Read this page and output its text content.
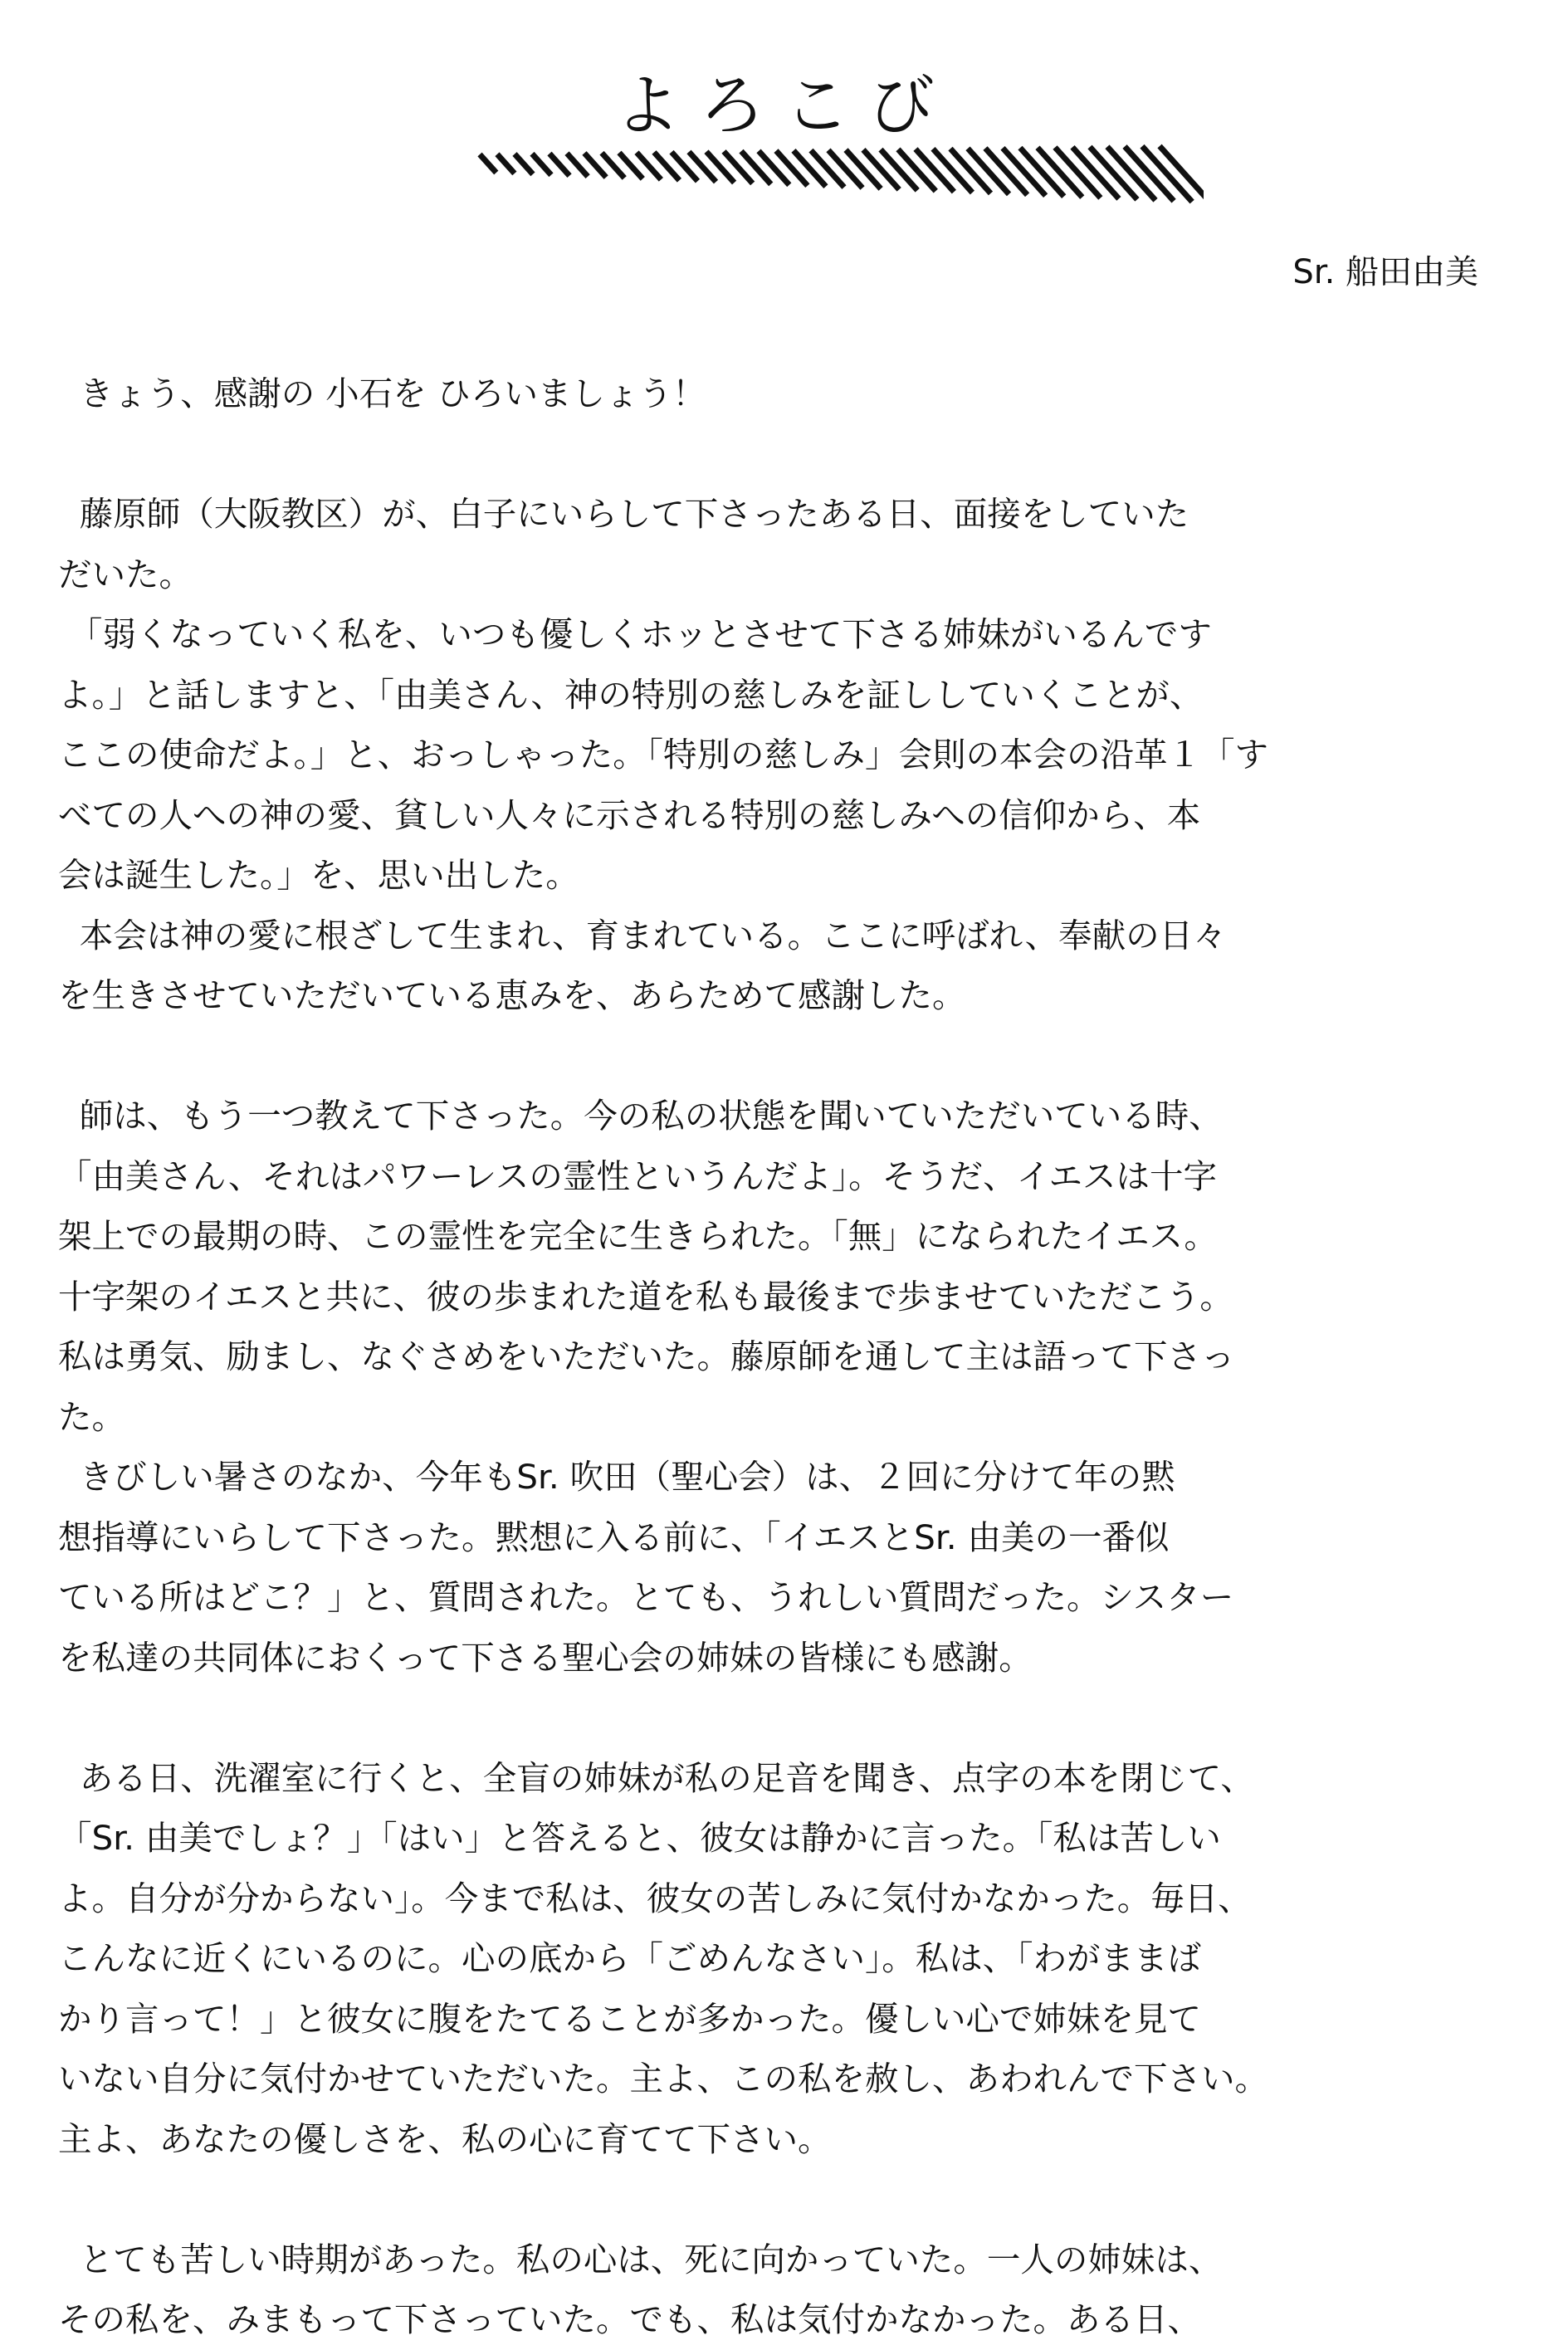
よろこび
Sr. 船田由美
きょう、感謝の 小石を ひろいましょう！
藤原師（大阪教区）が、白子にいらして下さったある日、面接をしていた
だいた。
「弱くなっていく私を、いつも優しくホッとさせて下さる姉妹がいるんです
よ。」と話しますと、「由美さん、神の特別の慈しみを証ししていくことが、
ここの使命だよ。」と、おっしゃった。「特別の慈しみ」会則の本会の沿革１「す
べての人への神の愛、貧しい人々に示される特別の慈しみへの信仰から、本
会は誕生した。」を、思い出した。
本会は神の愛に根ざして生まれ、育まれている。ここに呼ばれ、奉献の日々
を生きさせていただいている恵みを、あらためて感謝した。
師は、もう一つ教えて下さった。今の私の状態を聞いていただいている時、
「由美さん、それはパワーレスの霊性というんだよ」。そうだ、イエスは十字
架上での最期の時、この霊性を完全に生きられた。「無」になられたイエス。
十字架のイエスと共に、彼の歩まれた道を私も最後まで歩ませていただこう。
私は勇気、励まし、なぐさめをいただいた。藤原師を通して主は語って下さっ
た。
きびしい暑さのなか、今年もSr. 吹田（聖心会）は、２回に分けて年の黙
想指導にいらして下さった。黙想に入る前に、「イエスとSr. 由美の一番似
ている所はどこ？」と、質問された。とても、うれしい質問だった。シスター
を私達の共同体におくって下さる聖心会の姉妹の皆様にも感謝。
ある日、洗濯室に行くと、全盲の姉妹が私の足音を聞き、点字の本を閉じて、
「Sr. 由美でしょ？」「はい」と答えると、彼女は静かに言った。「私は苦しい
よ。自分が分からない」。今まで私は、彼女の苦しみに気付かなかった。毎日、
こんなに近くにいるのに。心の底から「ごめんなさい」。私は、「わがままば
かり言って！」と彼女に腹をたてることが多かった。優しい心で姉妹を見て
いない自分に気付かせていただいた。主よ、この私を赦し、あわれんで下さい。
主よ、あなたの優しさを、私の心に育てて下さい。
とても苦しい時期があった。私の心は、死に向かっていた。一人の姉妹は、
その私を、みまもって下さっていた。でも、私は気付かなかった。ある日、
